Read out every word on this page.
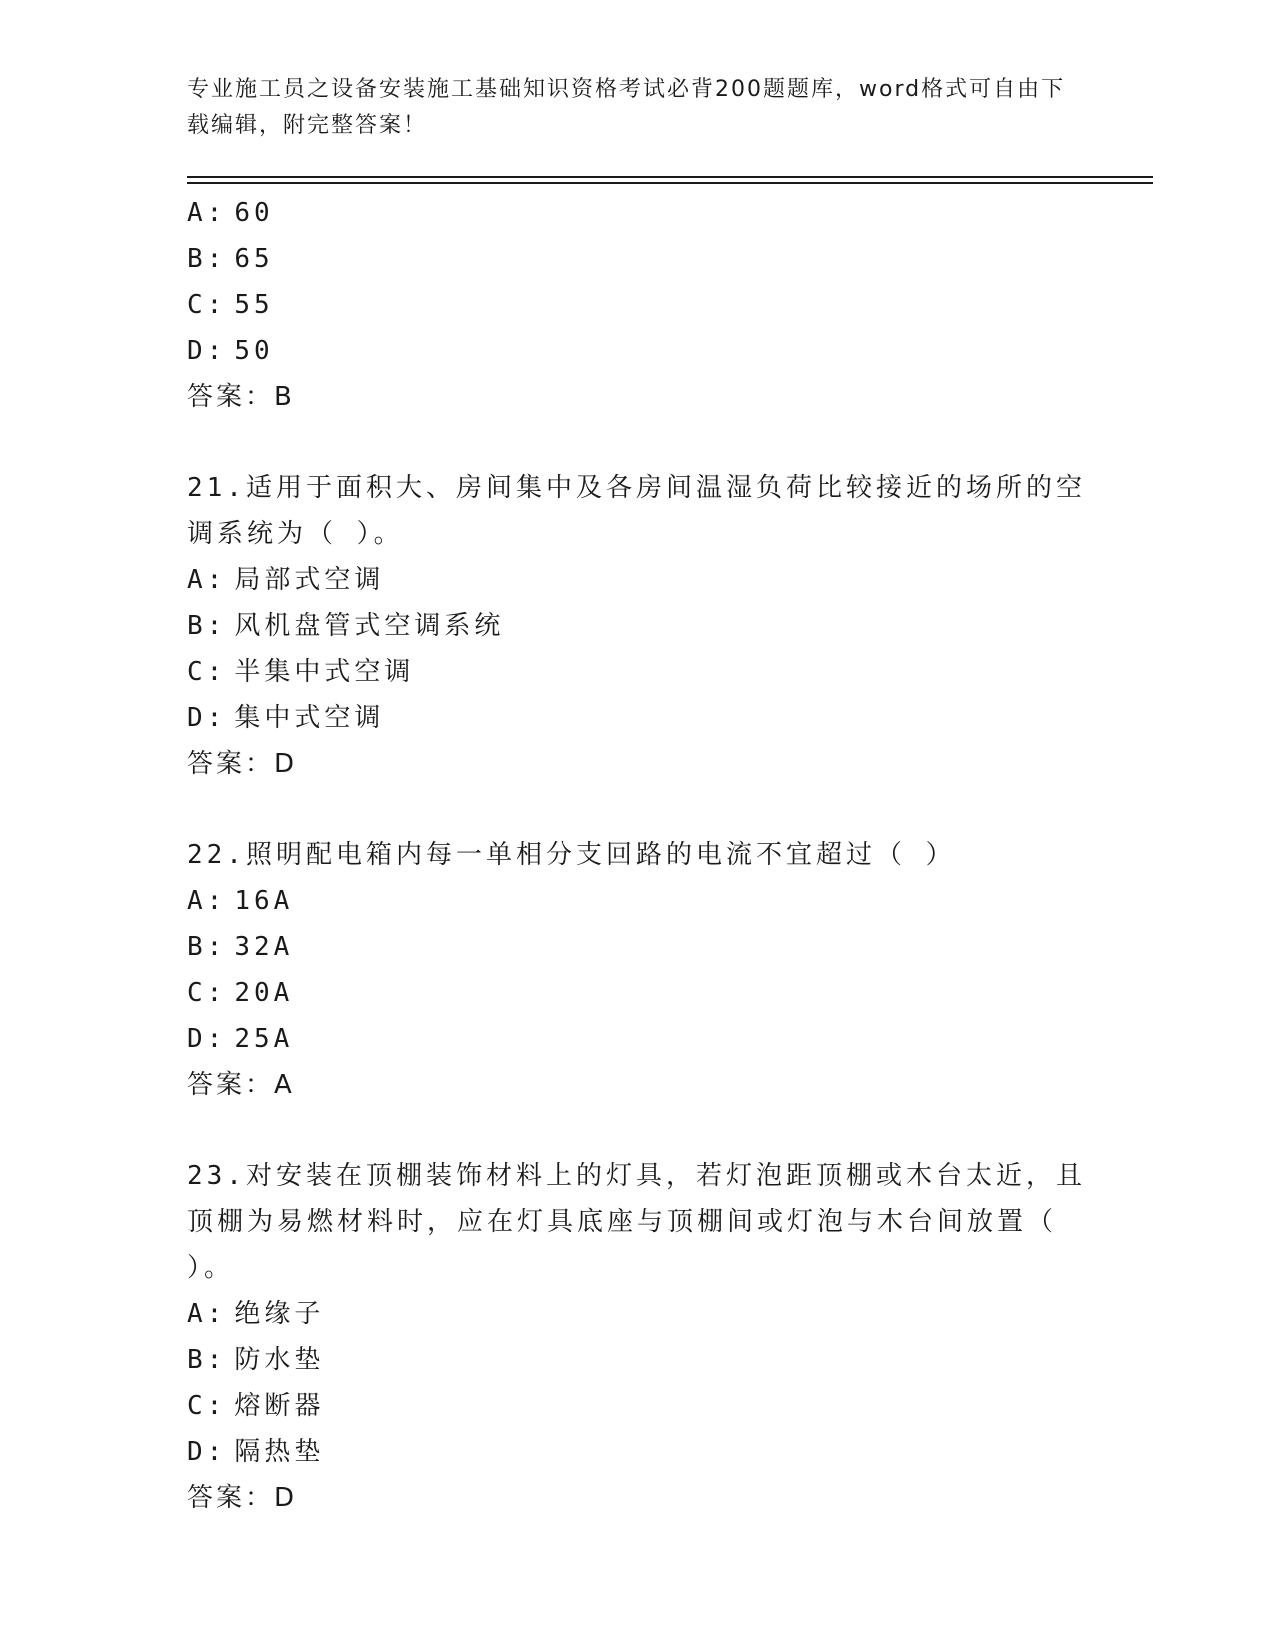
专业施工员之设备安装施工基础知识资格考试必背200题题库，word格式可自由下载编辑，附完整答案！
A: 60
B: 65
C: 55
D: 50
答案：B
21.适用于面积大、房间集中及各房间温湿负荷比较接近的场所的空调系统为（ ）。
A: 局部式空调
B: 风机盘管式空调系统
C: 半集中式空调
D: 集中式空调
答案：D
22.照明配电箱内每一单相分支回路的电流不宜超过（ ）
A: 16A
B: 32A
C: 20A
D: 25A
答案：A
23.对安装在顶棚装饰材料上的灯具，若灯泡距顶棚或木台太近，且顶棚为易燃材料时，应在灯具底座与顶棚间或灯泡与木台间放置（ ）。
A: 绝缘子
B: 防水垫
C: 熔断器
D: 隔热垫
答案：D
